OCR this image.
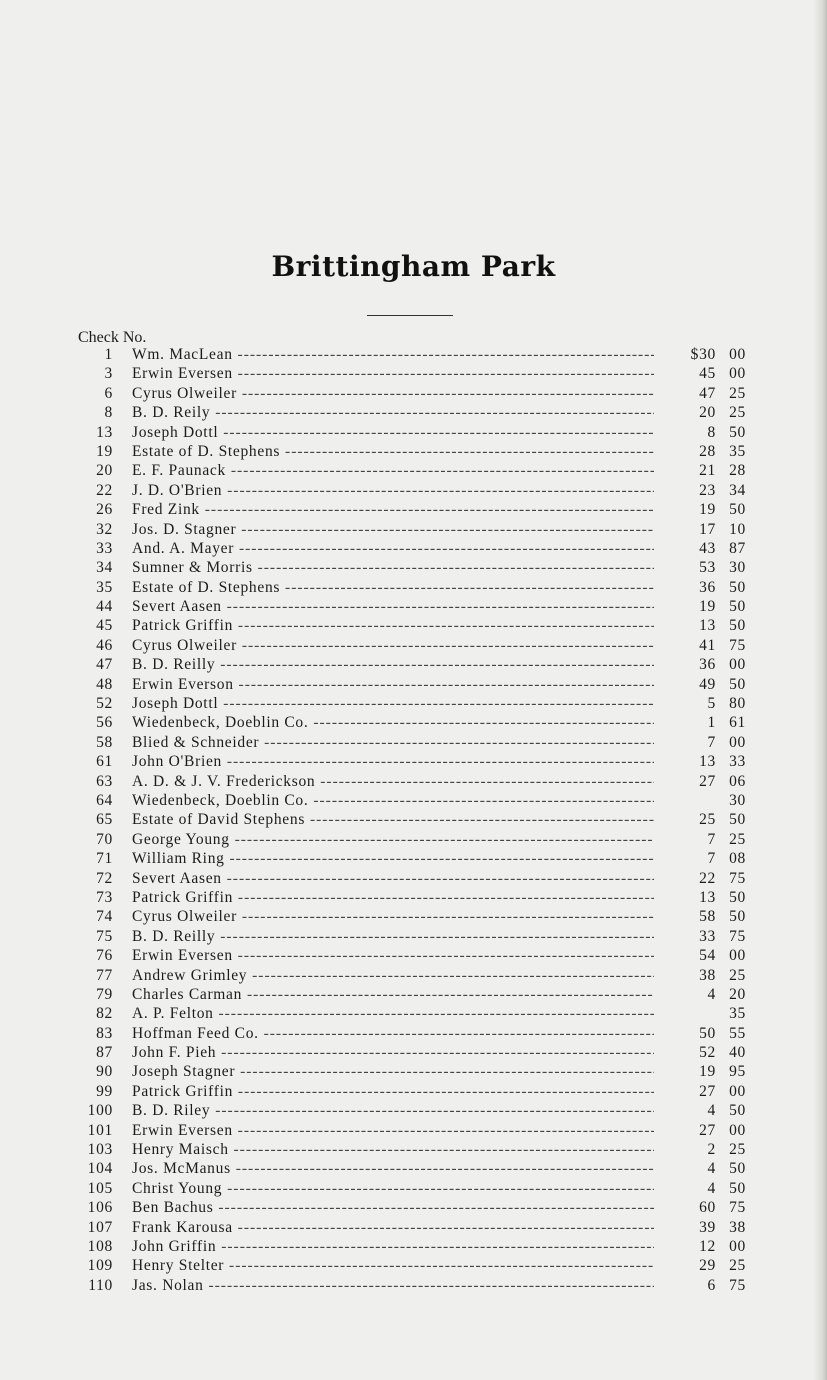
Brittingham Park
Check No.
1 Wm. MacLean -----	$30 00
3 Erwin Eversen -----	45 00
6 Cyrus Olweiler -----	47 25
8 B. D. Reily -----	20 25
13 Joseph Dottl -----	8 50
19 Estate of D. Stephens -----	28 35
20 E. F. Paunack -----	21 28
22 J. D. O'Brien -----	23 34
26 Fred Zink -----	19 50
32 Jos. D. Stagner -----	17 10
33 And. A. Mayer -----	43 87
34 Sumner & Morris -----	53 30
35 Estate of D. Stephens -----	36 50
44 Severt Aasen -----	19 50
45 Patrick Griffin -----	13 50
46 Cyrus Olweiler -----	41 75
47 B. D. Reilly -----	36 00
48 Erwin Everson -----	49 50
52 Joseph Dottl -----	5 80
56 Wiedenbeck, Doeblin Co. -----	1 61
58 Blied & Schneider -----	7 00
61 John O'Brien -----	13 33
63 A. D. & J. V. Frederickson -----	27 06
64 Wiedenbeck, Doeblin Co. -----	30
65 Estate of David Stephens -----	25 50
70 George Young -----	7 25
71 William Ring -----	7 08
72 Severt Aasen -----	22 75
73 Patrick Griffin -----	13 50
74 Cyrus Olweiler -----	58 50
75 B. D. Reilly -----	33 75
76 Erwin Eversen -----	54 00
77 Andrew Grimley -----	38 25
79 Charles Carman -----	4 20
82 A. P. Felton -----	35
83 Hoffman Feed Co. -----	50 55
87 John F. Pieh -----	52 40
90 Joseph Stagner -----	19 95
99 Patrick Griffin -----	27 00
100 B. D. Riley -----	4 50
101 Erwin Eversen -----	27 00
103 Henry Maisch -----	2 25
104 Jos. McManus -----	4 50
105 Christ Young -----	4 50
106 Ben Bachus -----	60 75
107 Frank Karousa -----	39 38
108 John Griffin -----	12 00
109 Henry Stelter -----	29 25
110 Jas. Nolan -----	6 75
